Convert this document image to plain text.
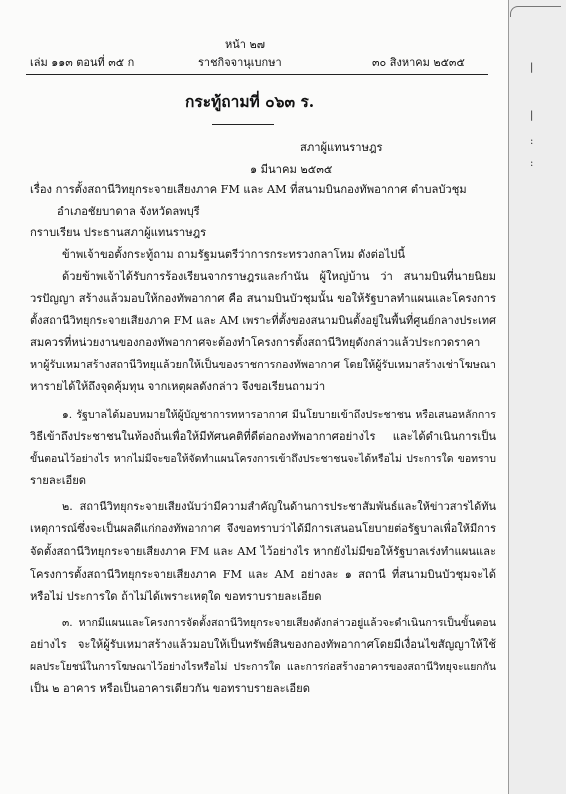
หน้า ๒๗
เล่ม ๑๑๓ ตอนที่ ๓๕ ก	ราชกิจจานุเบกษา	๓๐ สิงหาคม ๒๕๓๕
กระทู้ถามที่ ๐๖๓ ร.
สภาผู้แทนราษฎร
๑ มีนาคม ๒๕๓๕
เรื่อง การตั้งสถานีวิทยุกระจายเสียงภาค FM และ AM ที่สนามบินกองทัพอากาศ ตำบลบัวชุม
อำเภอชัยบาดาล จังหวัดลพบุรี
กราบเรียน ประธานสภาผู้แทนราษฎร
ข้าพเจ้าขอตั้งกระทู้ถาม ถามรัฐมนตรีว่าการกระทรวงกลาโหม ดังต่อไปนี้
ด้วยข้าพเจ้าได้รับการร้องเรียนจากราษฎรและกำนัน ผู้ใหญ่บ้าน ว่า สนามบินที่นายนิยม
วรปัญญา สร้างแล้วมอบให้กองทัพอากาศ คือ สนามบินบัวชุมนั้น ขอให้รัฐบาลทำแผนและโครงการ
ตั้งสถานีวิทยุกระจายเสียงภาค FM และ AM เพราะที่ตั้งของสนามบินตั้งอยู่ในพื้นที่ศูนย์กลางประเทศ
สมควรที่หน่วยงานของกองทัพอากาศจะต้องทำโครงการตั้งสถานีวิทยุดังกล่าวแล้วประกวดราคา
หาผู้รับเหมาสร้างสถานีวิทยุแล้วยกให้เป็นของราชการกองทัพอากาศ โดยให้ผู้รับเหมาสร้างเช่าโฆษณา
หารายได้ให้ถึงจุดคุ้มทุน จากเหตุผลดังกล่าว จึงขอเรียนถามว่า
๑. รัฐบาลได้มอบหมายให้ผู้บัญชาการทหารอากาศ มีนโยบายเข้าถึงประชาชน หรือเสนอหลักการ
วิธีเข้าถึงประชาชนในท้องถิ่นเพื่อให้มีทัศนคติที่ดีต่อกองทัพอากาศอย่างไร และได้ดำเนินการเป็น
ขั้นตอนไว้อย่างไร หากไม่มีจะขอให้จัดทำแผนโครงการเข้าถึงประชาชนจะได้หรือไม่ ประการใด ขอทราบ
รายละเอียด
๒. สถานีวิทยุกระจายเสียงนับว่ามีความสำคัญในด้านการประชาสัมพันธ์และให้ข่าวสารได้ทัน
เหตุการณ์ซึ่งจะเป็นผลดีแก่กองทัพอากาศ จึงขอทราบว่าได้มีการเสนอนโยบายต่อรัฐบาลเพื่อให้มีการ
จัดตั้งสถานีวิทยุกระจายเสียงภาค FM และ AM ไว้อย่างไร หากยังไม่มีขอให้รัฐบาลเร่งทำแผนและ
โครงการตั้งสถานีวิทยุกระจายเสียงภาค FM และ AM อย่างละ ๑ สถานี ที่สนามบินบัวชุมจะได้
หรือไม่ ประการใด ถ้าไม่ได้เพราะเหตุใด ขอทราบรายละเอียด
๓. หากมีแผนและโครงการจัดตั้งสถานีวิทยุกระจายเสียงดังกล่าวอยู่แล้วจะดำเนินการเป็นขั้นตอน
อย่างไร จะให้ผู้รับเหมาสร้างแล้วมอบให้เป็นทรัพย์สินของกองทัพอากาศโดยมีเงื่อนไขสัญญาให้ใช้
ผลประโยชน์ในการโฆษณาไว้อย่างไรหรือไม่ ประการใด และการก่อสร้างอาคารของสถานีวิทยุจะแยกกัน
เป็น ๒ อาคาร หรือเป็นอาคารเดียวกัน ขอทราบรายละเอียด
|
|
:
:
